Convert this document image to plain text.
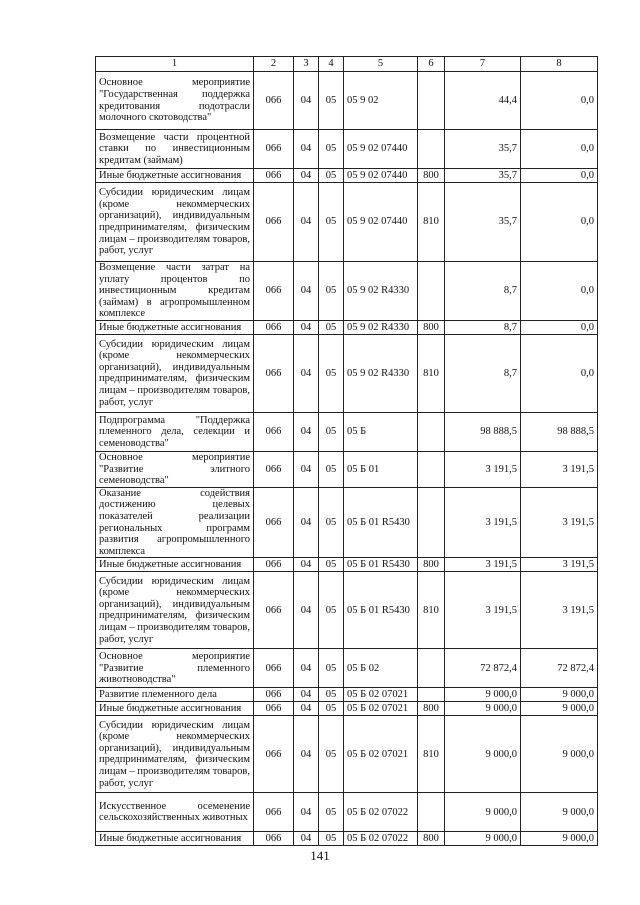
1	2	3	4	5	6	7	8
Основное мероприятие "Государственная поддержка кредитования подотрасли молочного скотоводства"	066	04	05	05 9 02		44,4	0,0
Возмещение части процентной ставки по инвестиционным кредитам (займам)	066	04	05	05 9 02 07440		35,7	0,0
Иные бюджетные ассигнования	066	04	05	05 9 02 07440	800	35,7	0,0
Субсидии юридическим лицам (кроме некоммерческих организаций), индивидуальным предпринимателям, физическим лицам – производителям товаров, работ, услуг	066	04	05	05 9 02 07440	810	35,7	0,0
Возмещение части затрат на уплату процентов по инвестиционным кредитам (займам) в агропромышленном комплексе	066	04	05	05 9 02 R4330		8,7	0,0
Иные бюджетные ассигнования	066	04	05	05 9 02 R4330	800	8,7	0,0
Субсидии юридическим лицам (кроме некоммерческих организаций), индивидуальным предпринимателям, физическим лицам – производителям товаров, работ, услуг	066	04	05	05 9 02 R4330	810	8,7	0,0
Подпрограмма "Поддержка племенного дела, селекции и семеноводства"	066	04	05	05 Б		98 888,5	98 888,5
Основное мероприятие "Развитие элитного семеноводства"	066	04	05	05 Б 01		3 191,5	3 191,5
Оказание содействия достижению целевых показателей реализации региональных программ развития агропромышленного комплекса	066	04	05	05 Б 01 R5430		3 191,5	3 191,5
Иные бюджетные ассигнования	066	04	05	05 Б 01 R5430	800	3 191,5	3 191,5
Субсидии юридическим лицам (кроме некоммерческих организаций), индивидуальным предпринимателям, физическим лицам – производителям товаров, работ, услуг	066	04	05	05 Б 01 R5430	810	3 191,5	3 191,5
Основное мероприятие "Развитие племенного животноводства"	066	04	05	05 Б 02		72 872,4	72 872,4
Развитие племенного дела	066	04	05	05 Б 02 07021		9 000,0	9 000,0
Иные бюджетные ассигнования	066	04	05	05 Б 02 07021	800	9 000,0	9 000,0
Субсидии юридическим лицам (кроме некоммерческих организаций), индивидуальным предпринимателям, физическим лицам – производителям товаров, работ, услуг	066	04	05	05 Б 02 07021	810	9 000,0	9 000,0
Искусственное осеменение сельскохозяйственных животных	066	04	05	05 Б 02 07022		9 000,0	9 000,0
Иные бюджетные ассигнования	066	04	05	05 Б 02 07022	800	9 000,0	9 000,0
141
